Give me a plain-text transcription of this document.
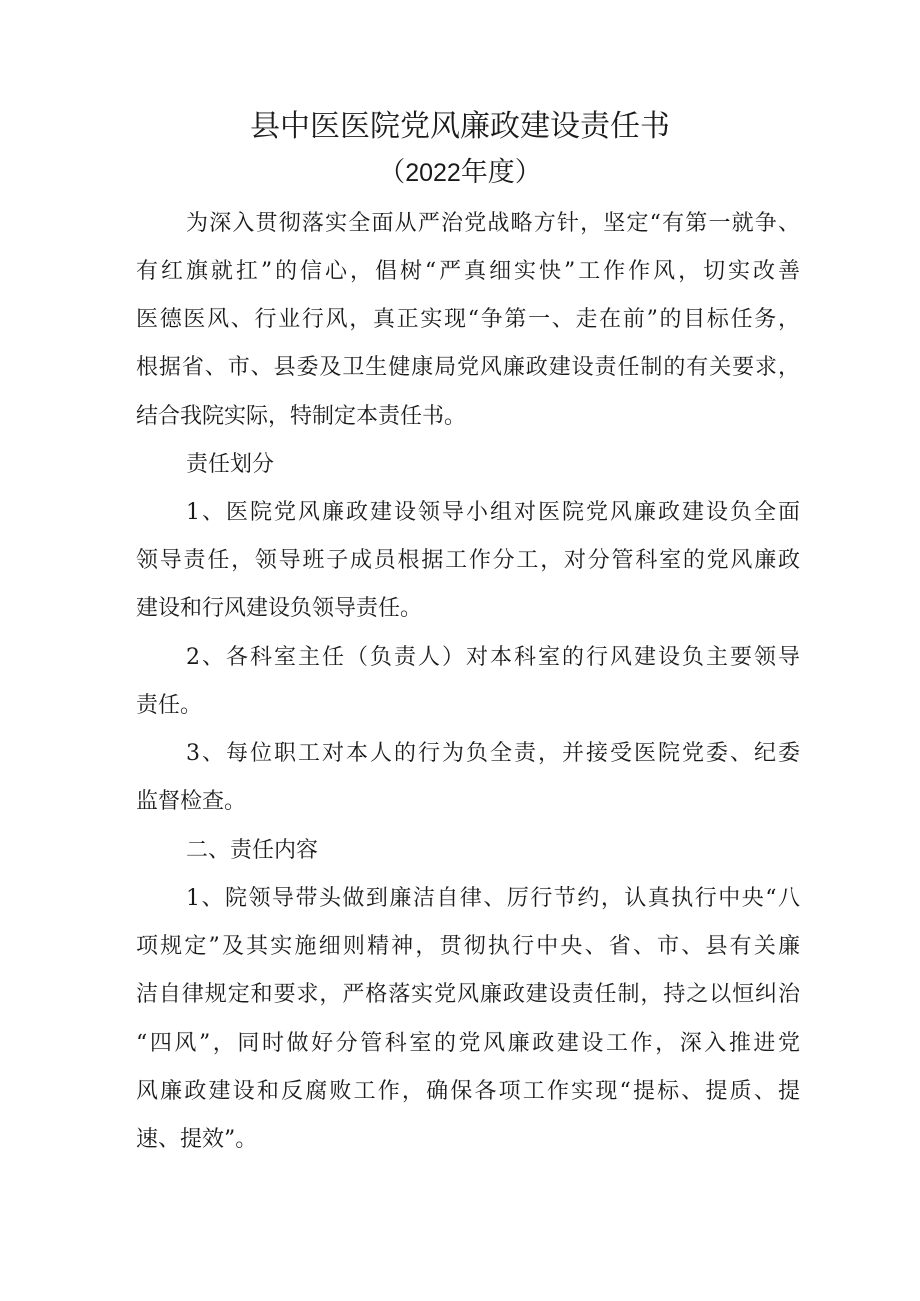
县中医医院党风廉政建设责任书
（2022年度）
为深入贯彻落实全面从严治党战略方针，坚定“有第一就争、
有红旗就扛”的信心，倡树“严真细实快”工作作风，切实改善
医德医风、行业行风，真正实现“争第一、走在前”的目标任务，
根据省、市、县委及卫生健康局党风廉政建设责任制的有关要求，
结合我院实际，特制定本责任书。
责任划分
1、医院党风廉政建设领导小组对医院党风廉政建设负全面
领导责任，领导班子成员根据工作分工，对分管科室的党风廉政
建设和行风建设负领导责任。
2、各科室主任（负责人）对本科室的行风建设负主要领导
责任。
3、每位职工对本人的行为负全责，并接受医院党委、纪委
监督检查。
二、责任内容
1、院领导带头做到廉洁自律、厉行节约，认真执行中央“八
项规定”及其实施细则精神，贯彻执行中央、省、市、县有关廉
洁自律规定和要求，严格落实党风廉政建设责任制，持之以恒纠治
“四风”，同时做好分管科室的党风廉政建设工作，深入推进党
风廉政建设和反腐败工作，确保各项工作实现“提标、提质、提
速、提效”。
